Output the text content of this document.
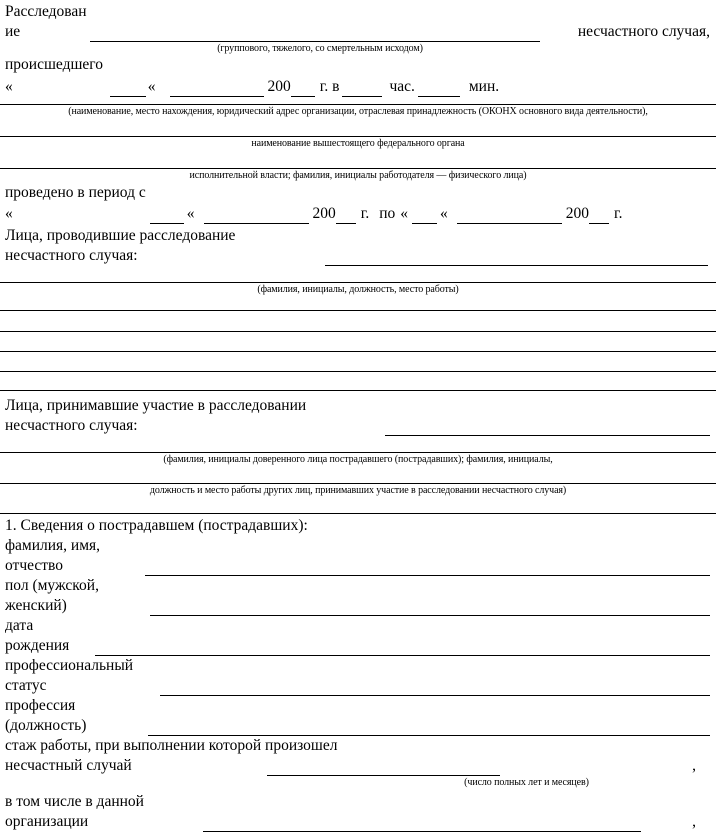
Расследован
ие	несчастного случая,
(группового, тяжелого, со смертельным исходом)
происшедшего
«	«	200 г. в	час.	мин.
(наименование, место нахождения, юридический адрес организации, отраслевая принадлежность (ОКОНХ основного вида деятельности),
наименование вышестоящего федерального органа
исполнительной власти; фамилия, инициалы работодателя — физического лица)
проведено в период с
«	«	200 г. по « «	200 г.
Лица, проводившие расследование
несчастного случая:
(фамилия, инициалы, должность, место работы)
Лица, принимавшие участие в расследовании
несчастного случая:
(фамилия, инициалы доверенного лица пострадавшего (пострадавших); фамилия, инициалы,
должность и место работы других лиц, принимавших участие в расследовании несчастного случая)
1. Сведения о пострадавшем (пострадавших):
фамилия, имя,
отчество
пол (мужской,
женский)
дата
рождения
профессиональный
статус
профессия
(должность)
стаж работы, при выполнении которой произошел
несчастный случай	,
(число полных лет и месяцев)
в том числе в данной
организации	,
